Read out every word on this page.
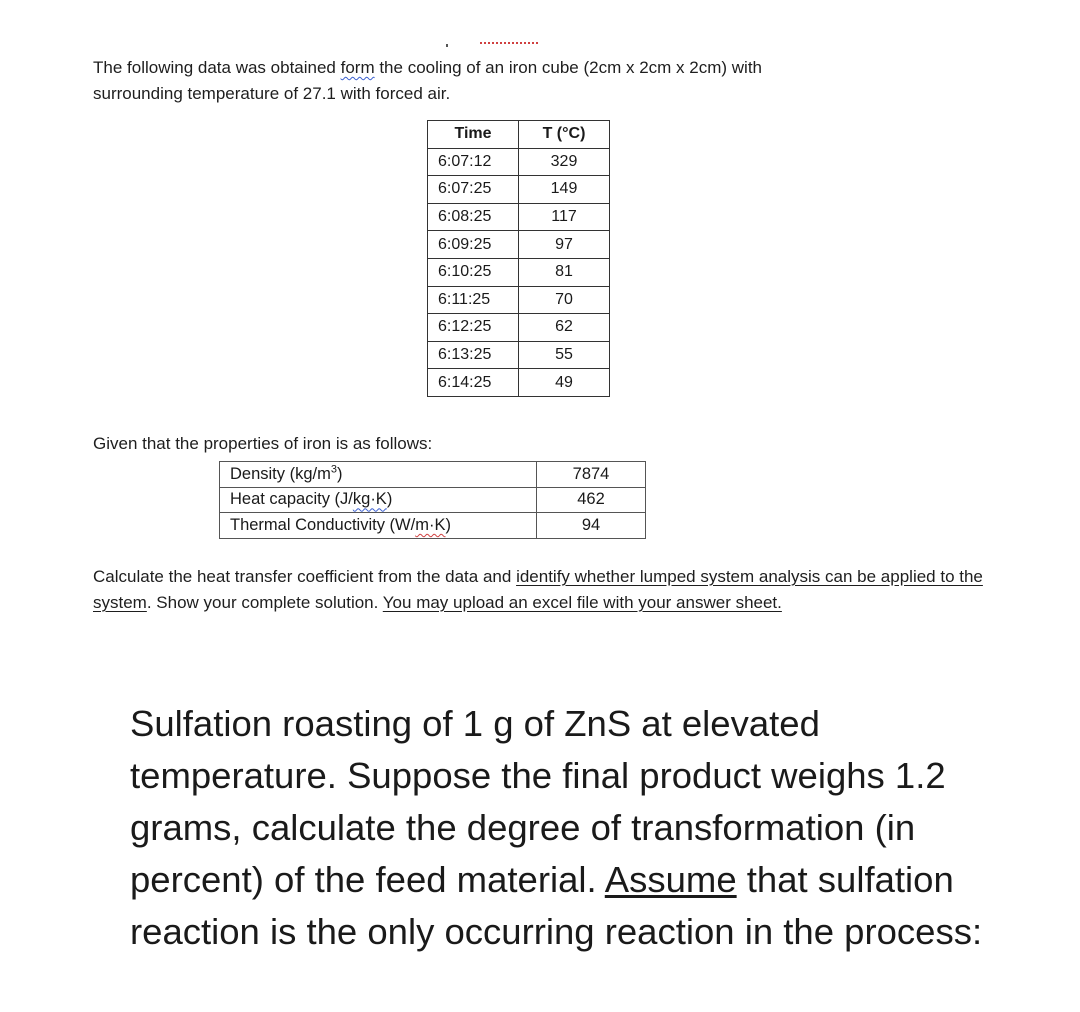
The following data was obtained form the cooling of an iron cube (2cm x 2cm x 2cm) with
surrounding temperature of 27.1 with forced air.
Time	T (°C)
6:07:12	329
6:07:25	149
6:08:25	117
6:09:25	97
6:10:25	81
6:11:25	70
6:12:25	62
6:13:25	55
6:14:25	49
Given that the properties of iron is as follows:
Density $(kg/m^3)$	7874
Heat capacity (J/kg·K)	462
Thermal Conductivity (W/m·K)	94
Calculate the heat transfer coefficient from the data and identify whether lumped system analysis can be applied to the system. Show your complete solution. You may upload an excel file with your answer sheet.
Sulfation roasting of 1 g of ZnS at elevated temperature. Suppose the final product weighs 1.2 grams, calculate the degree of transformation (in percent) of the feed material. Assume that sulfation reaction is the only occurring reaction in the process:
